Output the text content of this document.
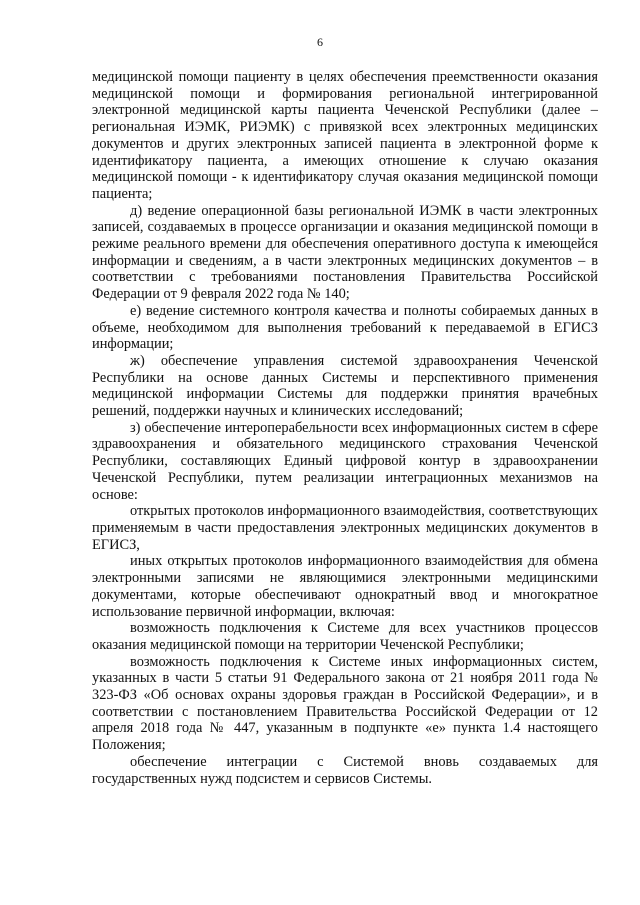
6

медицинской помощи пациенту в целях обеспечения преемственности оказания медицинской помощи и формирования региональной интегрированной электронной медицинской карты пациента Чеченской Республики (далее – региональная ИЭМК, РИЭМК) с привязкой всех электронных медицинских документов и других электронных записей пациента в электронной форме к идентификатору пациента, а имеющих отношение к случаю оказания медицинской помощи - к идентификатору случая оказания медицинской помощи пациента;

д) ведение операционной базы региональной ИЭМК в части электронных записей, создаваемых в процессе организации и оказания медицинской помощи в режиме реального времени для обеспечения оперативного доступа к имеющейся информации и сведениям, а в части электронных медицинских документов – в соответствии с требованиями постановления Правительства Российской Федерации от 9 февраля 2022 года № 140;

е) ведение системного контроля качества и полноты собираемых данных в объеме, необходимом для выполнения требований к передаваемой в ЕГИСЗ информации;

ж) обеспечение управления системой здравоохранения Чеченской Республики на основе данных Системы и перспективного применения медицинской информации Системы для поддержки принятия врачебных решений, поддержки научных и клинических исследований;

з) обеспечение интероперабельности всех информационных систем в сфере здравоохранения и обязательного медицинского страхования Чеченской Республики, составляющих Единый цифровой контур в здравоохранении Чеченской Республики, путем реализации интеграционных механизмов на основе:

открытых протоколов информационного взаимодействия, соответствующих применяемым в части предоставления электронных медицинских документов в ЕГИСЗ,

иных открытых протоколов информационного взаимодействия для обмена электронными записями не являющимися электронными медицинскими документами, которые обеспечивают однократный ввод и многократное использование первичной информации, включая:

возможность подключения к Системе для всех участников процессов оказания медицинской помощи на территории Чеченской Республики;

возможность подключения к Системе иных информационных систем, указанных в части 5 статьи 91 Федерального закона от 21 ноября 2011 года № 323-ФЗ «Об основах охраны здоровья граждан в Российской Федерации», и в соответствии с постановлением Правительства Российской Федерации от 12 апреля 2018 года № 447, указанным в подпункте «е» пункта 1.4 настоящего Положения;

обеспечение интеграции с Системой вновь создаваемых для государственных нужд подсистем и сервисов Системы.
